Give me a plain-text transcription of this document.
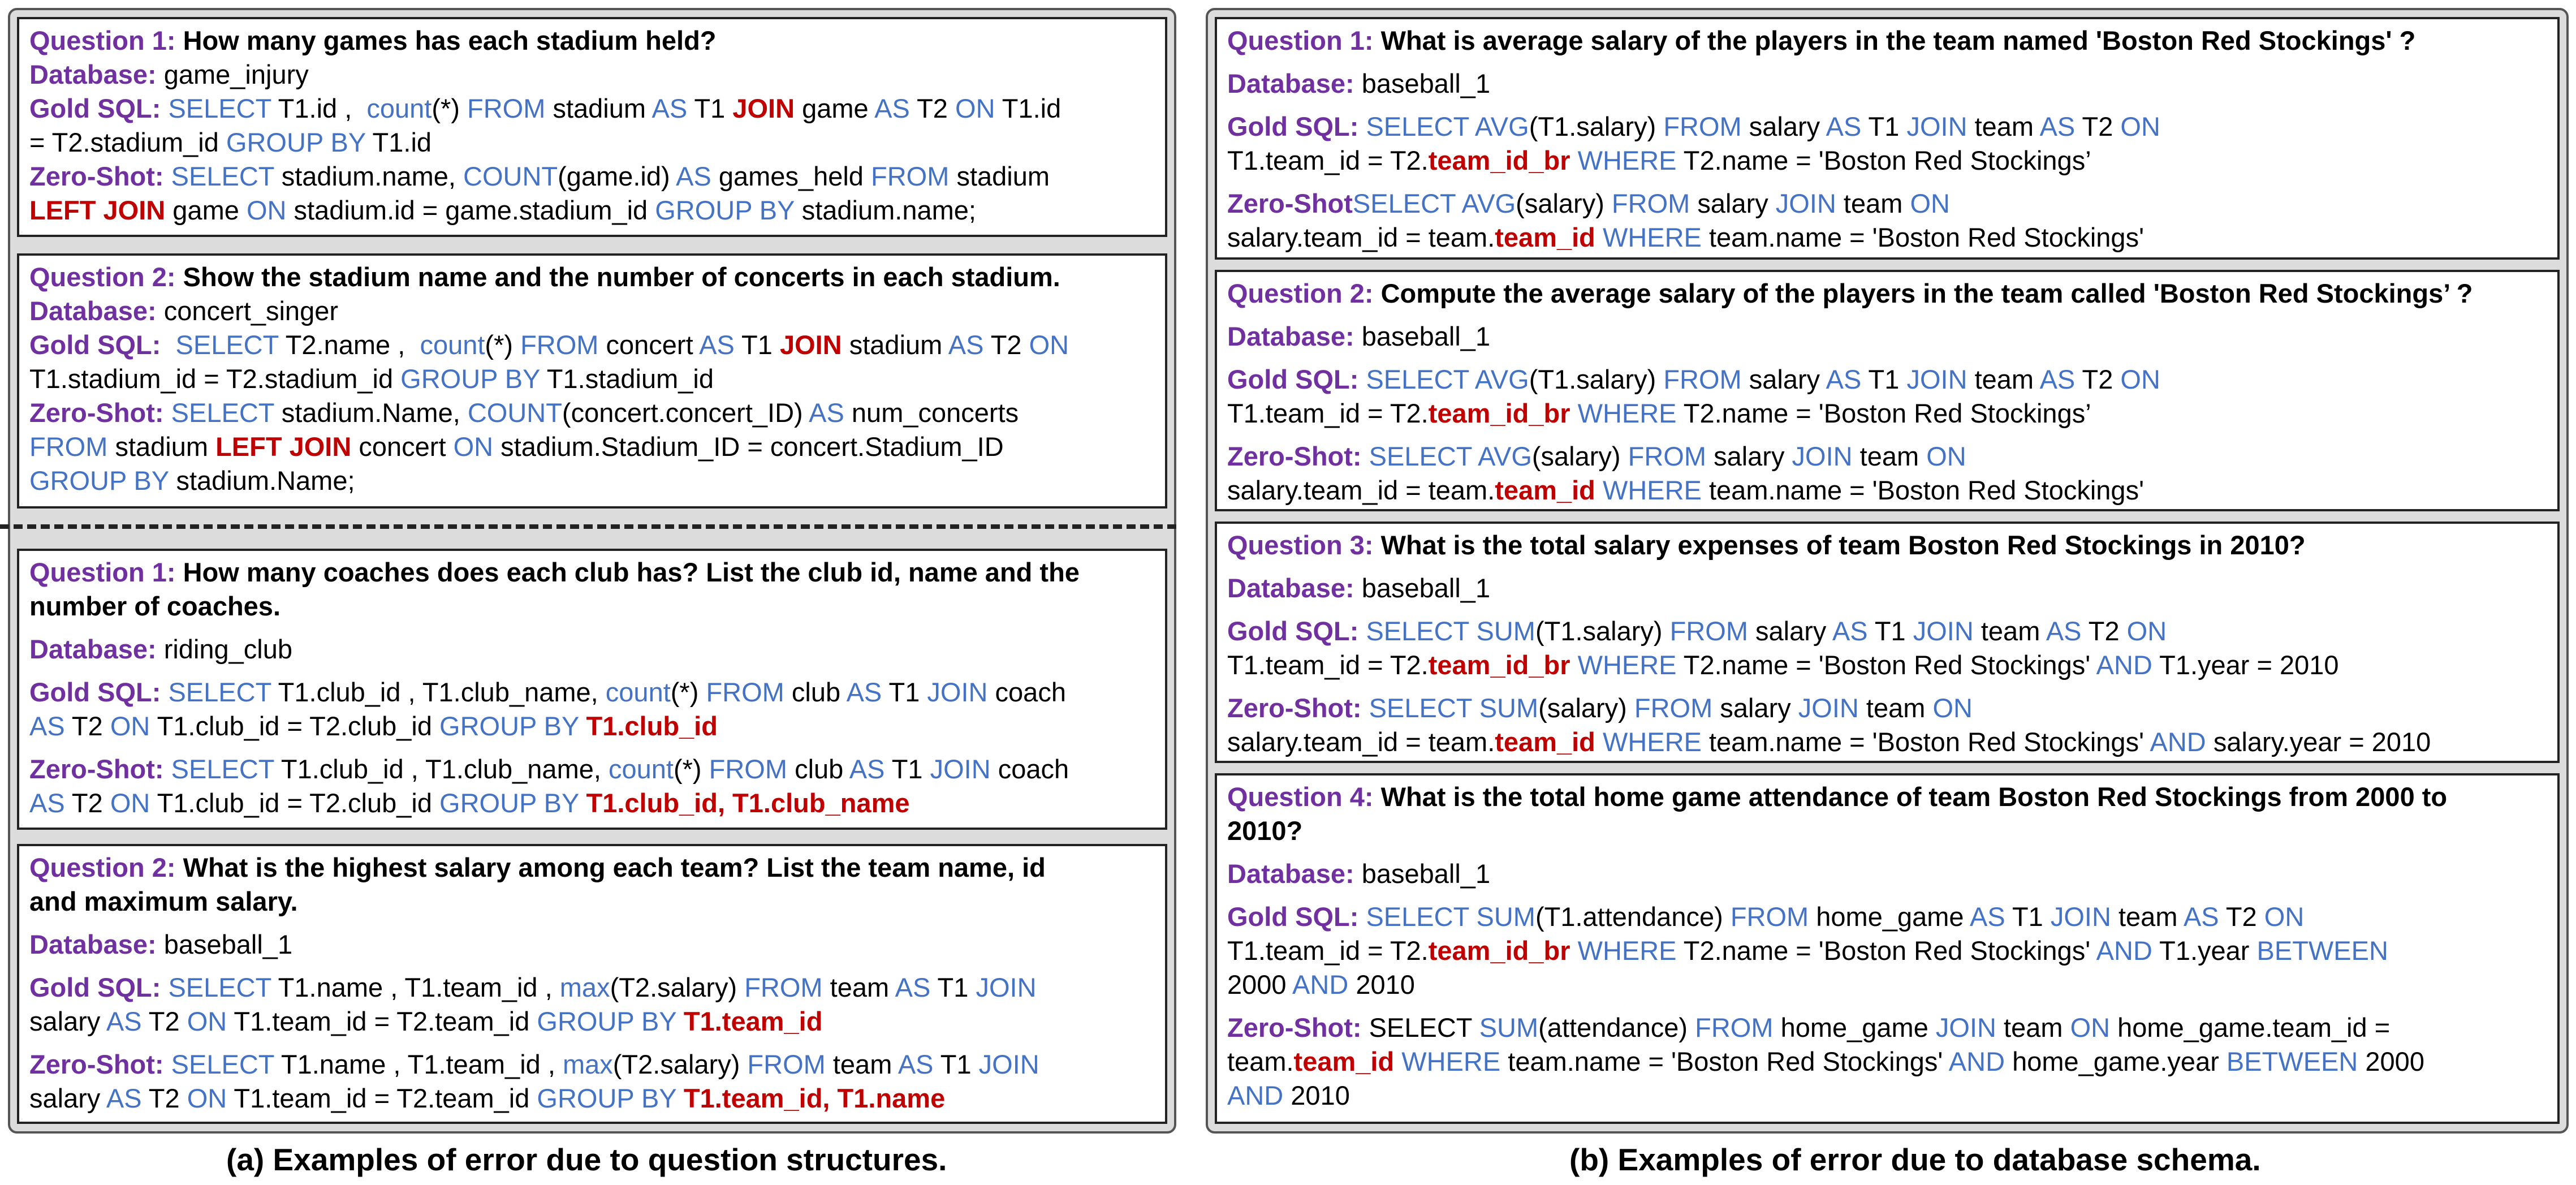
Question 1: How many games has each stadium held?
Database: game_injury
Gold SQL: SELECT T1.id , count(*) FROM stadium AS T1 JOIN game AS T2 ON T1.id
= T2.stadium_id GROUP BY T1.id
Zero-Shot: SELECT stadium.name, COUNT(game.id) AS games_held FROM stadium
LEFT JOIN game ON stadium.id = game.stadium_id GROUP BY stadium.name;
Question 2: Show the stadium name and the number of concerts in each stadium.
Database: concert_singer
Gold SQL: SELECT T2.name , count(*) FROM concert AS T1 JOIN stadium AS T2 ON
T1.stadium_id = T2.stadium_id GROUP BY T1.stadium_id
Zero-Shot: SELECT stadium.Name, COUNT(concert.concert_ID) AS num_concerts
FROM stadium LEFT JOIN concert ON stadium.Stadium_ID = concert.Stadium_ID
GROUP BY stadium.Name;
Question 1: How many coaches does each club has? List the club id, name and the
number of coaches.
Database: riding_club
Gold SQL: SELECT T1.club_id , T1.club_name, count(*) FROM club AS T1 JOIN coach
AS T2 ON T1.club_id = T2.club_id GROUP BY T1.club_id
Zero-Shot: SELECT T1.club_id , T1.club_name, count(*) FROM club AS T1 JOIN coach
AS T2 ON T1.club_id = T2.club_id GROUP BY T1.club_id, T1.club_name
Question 2: What is the highest salary among each team? List the team name, id
and maximum salary.
Database: baseball_1
Gold SQL: SELECT T1.name , T1.team_id , max(T2.salary) FROM team AS T1 JOIN
salary AS T2 ON T1.team_id = T2.team_id GROUP BY T1.team_id
Zero-Shot: SELECT T1.name , T1.team_id , max(T2.salary) FROM team AS T1 JOIN
salary AS T2 ON T1.team_id = T2.team_id GROUP BY T1.team_id, T1.name
(a) Examples of error due to question structures.
Question 1: What is average salary of the players in the team named 'Boston Red Stockings' ?
Database: baseball_1
Gold SQL: SELECT AVG(T1.salary) FROM salary AS T1 JOIN team AS T2 ON
T1.team_id = T2.team_id_br WHERE T2.name = 'Boston Red Stockings’
Zero-ShotSELECT AVG(salary) FROM salary JOIN team ON
salary.team_id = team.team_id WHERE team.name = 'Boston Red Stockings'
Question 2: Compute the average salary of the players in the team called 'Boston Red Stockings’ ?
Database: baseball_1
Gold SQL: SELECT AVG(T1.salary) FROM salary AS T1 JOIN team AS T2 ON
T1.team_id = T2.team_id_br WHERE T2.name = 'Boston Red Stockings’
Zero-Shot: SELECT AVG(salary) FROM salary JOIN team ON
salary.team_id = team.team_id WHERE team.name = 'Boston Red Stockings'
Question 3: What is the total salary expenses of team Boston Red Stockings in 2010?
Database: baseball_1
Gold SQL: SELECT SUM(T1.salary) FROM salary AS T1 JOIN team AS T2 ON
T1.team_id = T2.team_id_br WHERE T2.name = 'Boston Red Stockings' AND T1.year = 2010
Zero-Shot: SELECT SUM(salary) FROM salary JOIN team ON
salary.team_id = team.team_id WHERE team.name = 'Boston Red Stockings' AND salary.year = 2010
Question 4: What is the total home game attendance of team Boston Red Stockings from 2000 to
2010?
Database: baseball_1
Gold SQL: SELECT SUM(T1.attendance) FROM home_game AS T1 JOIN team AS T2 ON
T1.team_id = T2.team_id_br WHERE T2.name = 'Boston Red Stockings' AND T1.year BETWEEN
2000 AND 2010
Zero-Shot: SELECT SUM(attendance) FROM home_game JOIN team ON home_game.team_id =
team.team_id WHERE team.name = 'Boston Red Stockings' AND home_game.year BETWEEN 2000
AND 2010
(b) Examples of error due to database schema.
